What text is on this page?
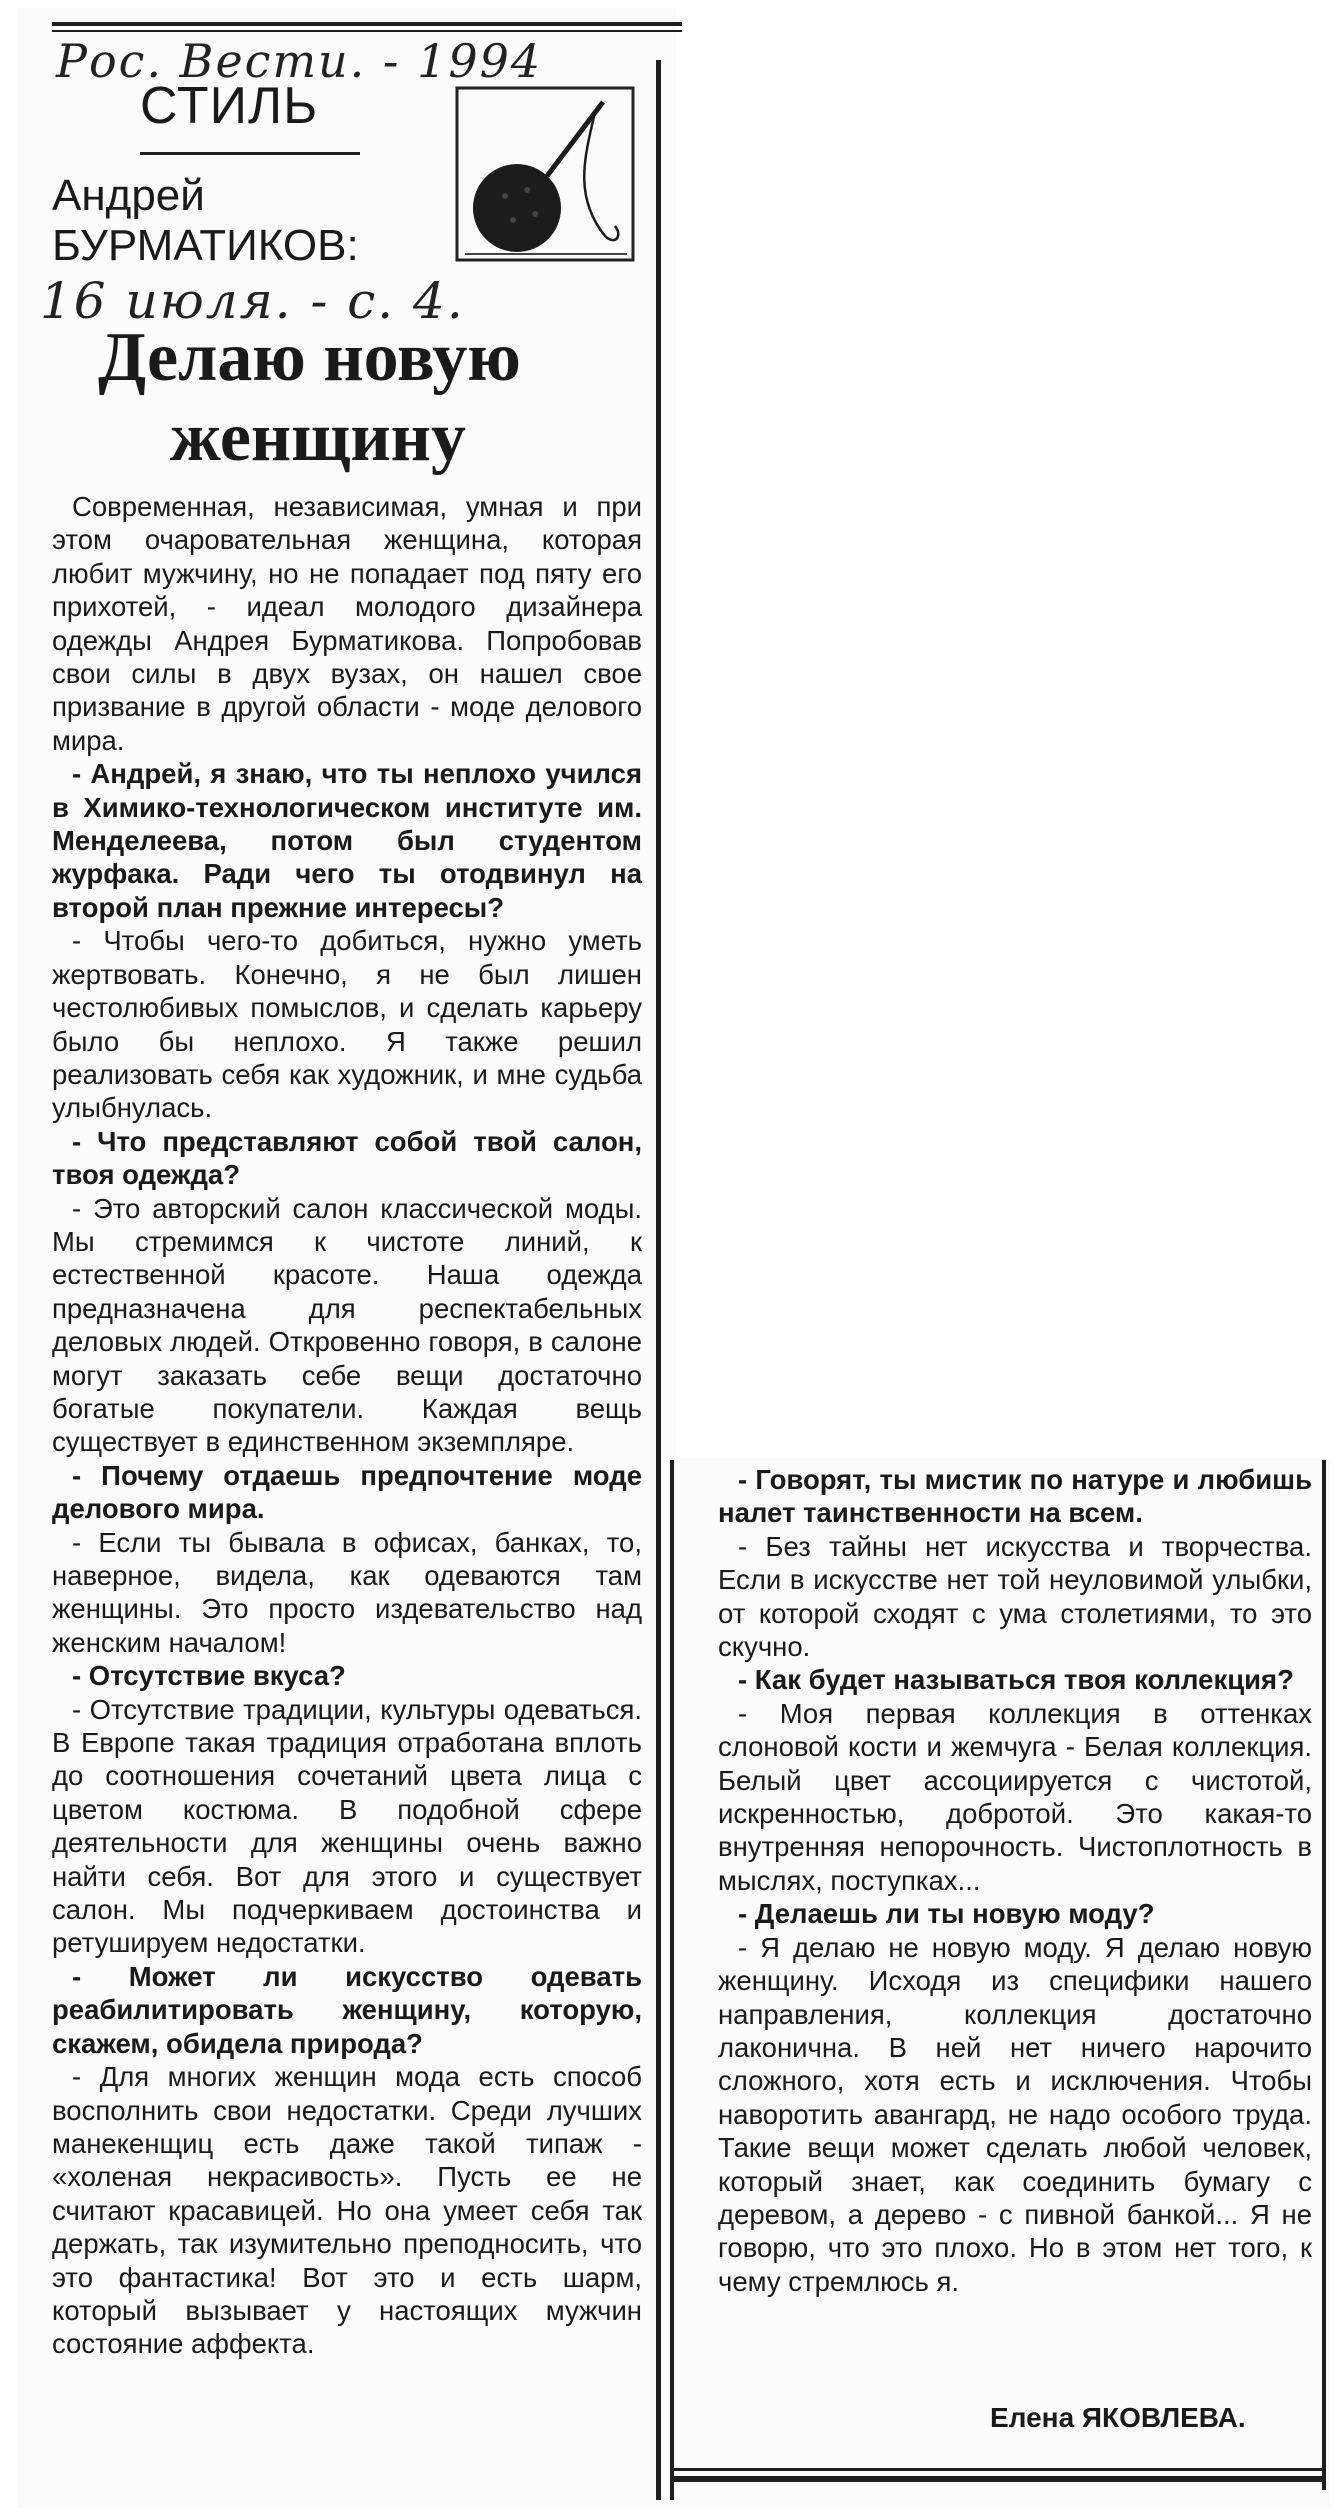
Рос. Вести. - 1994
16 июля. - с. 4.
СТИЛЬ
Андрей
БУРМАТИКОВ:
Делаю новую
женщину

Современная, независимая, умная и при этом очаровательная женщина, которая любит мужчину, но не попадает под пяту его прихотей, - идеал молодого дизайнера одежды Андрея Бурматикова. Попробовав свои силы в двух вузах, он нашел свое призвание в другой области - моде делового мира.

- Андрей, я знаю, что ты неплохо учился в Химико-технологическом институте им. Менделеева, потом был студентом журфака. Ради чего ты отодвинул на второй план прежние интересы?

- Чтобы чего-то добиться, нужно уметь жертвовать. Конечно, я не был лишен честолюбивых помыслов, и сделать карьеру было бы неплохо. Я также решил реализовать себя как художник, и мне судьба улыбнулась.

- Что представляют собой твой салон, твоя одежда?

- Это авторский салон классической моды. Мы стремимся к чистоте линий, к естественной красоте. Наша одежда предназначена для респектабельных деловых людей. Откровенно говоря, в салоне могут заказать себе вещи достаточно богатые покупатели. Каждая вещь существует в единственном экземпляре.

- Почему отдаешь предпочтение моде делового мира.

- Если ты бывала в офисах, банках, то, наверное, видела, как одеваются там женщины. Это просто издевательство над женским началом!

- Отсутствие вкуса?

- Отсутствие традиции, культуры одеваться. В Европе такая традиция отработана вплоть до соотношения сочетаний цвета лица с цветом костюма. В подобной сфере деятельности для женщины очень важно найти себя. Вот для этого и существует салон. Мы подчеркиваем достоинства и ретушируем недостатки.

- Может ли искусство одевать реабилитировать женщину, которую, скажем, обидела природа?

- Для многих женщин мода есть способ восполнить свои недостатки. Среди лучших манекенщиц есть даже такой типаж - «холеная некрасивость». Пусть ее не считают красавицей. Но она умеет себя так держать, так изумительно преподносить, что это фантастика! Вот это и есть шарм, который вызывает у настоящих мужчин состояние аффекта.

- Говорят, ты мистик по натуре и любишь налет таинственности на всем.

- Без тайны нет искусства и творчества. Если в искусстве нет той неуловимой улыбки, от которой сходят с ума столетиями, то это скучно.

- Как будет называться твоя коллекция?

- Моя первая коллекция в оттенках слоновой кости и жемчуга - Белая коллекция. Белый цвет ассоциируется с чистотой, искренностью, добротой. Это какая-то внутренняя непорочность. Чистоплотность в мыслях, поступках...

- Делаешь ли ты новую моду?

- Я делаю не новую моду. Я делаю новую женщину. Исходя из специфики нашего направления, коллекция достаточно лаконична. В ней нет ничего нарочито сложного, хотя есть и исключения. Чтобы наворотить авангард, не надо особого труда. Такие вещи может сделать любой человек, который знает, как соединить бумагу с деревом, а дерево - с пивной банкой... Я не говорю, что это плохо. Но в этом нет того, к чему стремлюсь я.

Елена ЯКОВЛЕВА.
